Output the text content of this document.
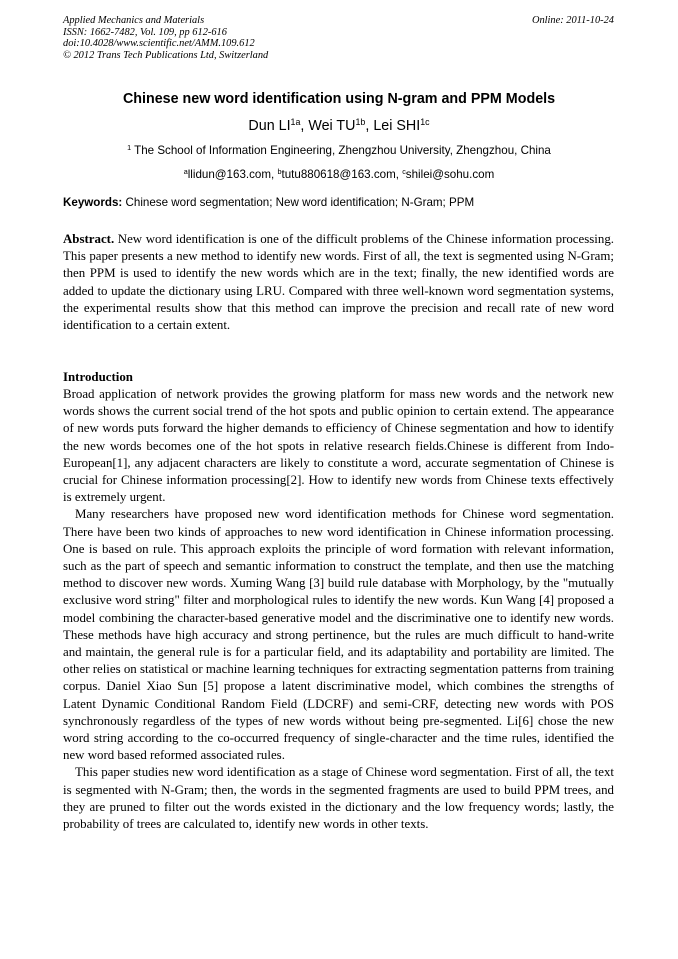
Applied Mechanics and Materials
ISSN: 1662-7482, Vol. 109, pp 612-616
doi:10.4028/www.scientific.net/AMM.109.612
© 2012 Trans Tech Publications Ltd, Switzerland
Online: 2011-10-24
Chinese new word identification using N-gram and PPM Models
Dun $LI^{1a}$, Wei $TU^{1b}$, Lei $SHI^{1c}$
$^1$ The School of Information Engineering, Zhengzhou University, Zhengzhou, China
$^a$llidun@163.com, $^b$tutu880618@163.com, $^c$shilei@sohu.com
Keywords: Chinese word segmentation; New word identification; N-Gram; PPM
Abstract. New word identification is one of the difficult problems of the Chinese information processing. This paper presents a new method to identify new words. First of all, the text is segmented using N-Gram; then PPM is used to identify the new words which are in the text; finally, the new identified words are added to update the dictionary using LRU. Compared with three well-known word segmentation systems, the experimental results show that this method can improve the precision and recall rate of new word identification to a certain extent.
Introduction

Broad application of network provides the growing platform for mass new words and the network new words shows the current social trend of the hot spots and public opinion to certain extend. The appearance of new words puts forward the higher demands to efficiency of Chinese segmentation and how to identify the new words becomes one of the hot spots in relative research fields.Chinese is different from Indo-European[1], any adjacent characters are likely to constitute a word, accurate segmentation of Chinese is crucial for Chinese information processing[2]. How to identify new words from Chinese texts effectively is extremely urgent.

Many researchers have proposed new word identification methods for Chinese word segmentation. There have been two kinds of approaches to new word identification in Chinese information processing. One is based on rule. This approach exploits the principle of word formation with relevant information, such as the part of speech and semantic information to construct the template, and then use the matching method to discover new words. Xuming Wang [3] build rule database with Morphology, by the "mutually exclusive word string" filter and morphological rules to identify the new words. Kun Wang [4] proposed a model combining the character-based generative model and the discriminative one to identify new words. These methods have high accuracy and strong pertinence, but the rules are much difficult to hand-write and maintain, the general rule is for a particular field, and its adaptability and portability are limited. The other relies on statistical or machine learning techniques for extracting segmentation patterns from training corpus. Daniel Xiao Sun [5] propose a latent discriminative model, which combines the strengths of Latent Dynamic Conditional Random Field (LDCRF) and semi-CRF, detecting new words with POS synchronously regardless of the types of new words without being pre-segmented. Li[6] chose the new word string according to the co-occurred frequency of single-character and the time rules, identified the new word based reformed associated rules.

This paper studies new word identification as a stage of Chinese word segmentation. First of all, the text is segmented with N-Gram; then, the words in the segmented fragments are used to build PPM trees, and they are pruned to filter out the words existed in the dictionary and the low frequency words; lastly, the probability of trees are calculated to, identify new words in other texts.
